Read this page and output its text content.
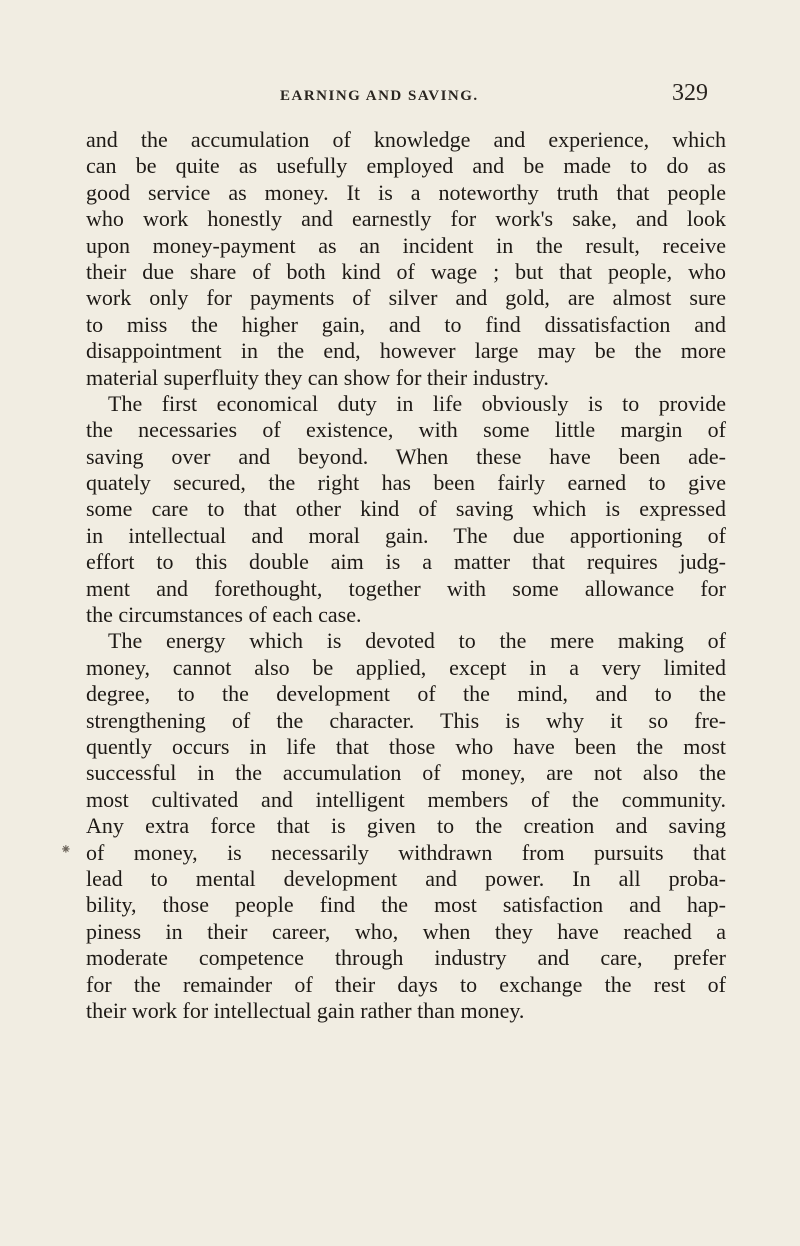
EARNING AND SAVING.	329
⁕
and the accumulation of knowledge and experience, which
can be quite as usefully employed and be made to do as
good service as money. It is a noteworthy truth that people
who work honestly and earnestly for work's sake, and look
upon money-payment as an incident in the result, receive
their due share of both kind of wage ; but that people, who
work only for payments of silver and gold, are almost sure
to miss the higher gain, and to find dissatisfaction and
disappointment in the end, however large may be the more
material superfluity they can show for their industry.
The first economical duty in life obviously is to provide
the necessaries of existence, with some little margin of
saving over and beyond. When these have been ade-
quately secured, the right has been fairly earned to give
some care to that other kind of saving which is expressed
in intellectual and moral gain. The due apportioning of
effort to this double aim is a matter that requires judg-
ment and forethought, together with some allowance for
the circumstances of each case.
The energy which is devoted to the mere making of
money, cannot also be applied, except in a very limited
degree, to the development of the mind, and to the
strengthening of the character. This is why it so fre-
quently occurs in life that those who have been the most
successful in the accumulation of money, are not also the
most cultivated and intelligent members of the community.
Any extra force that is given to the creation and saving
of money, is necessarily withdrawn from pursuits that
lead to mental development and power. In all proba-
bility, those people find the most satisfaction and hap-
piness in their career, who, when they have reached a
moderate competence through industry and care, prefer
for the remainder of their days to exchange the rest of
their work for intellectual gain rather than money.
